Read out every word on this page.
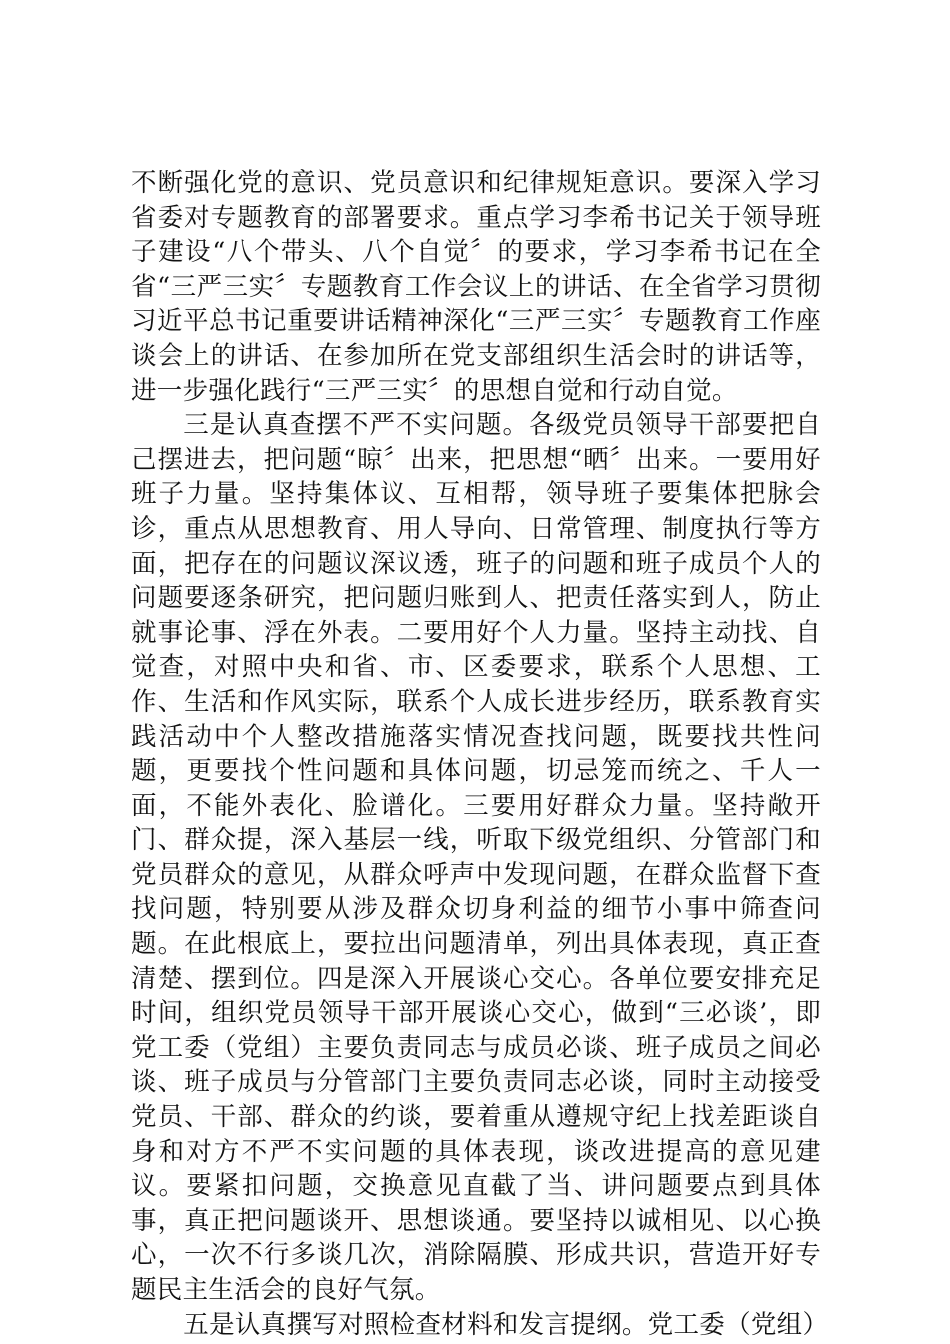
不断强化党的意识、党员意识和纪律规矩意识。要深入学习省委对专题教育的部署要求。重点学习李希书记关于领导班子建设“八个带头、八个自觉〞的要求，学习李希书记在全省“三严三实〞专题教育工作会议上的讲话、在全省学习贯彻习近平总书记重要讲话精神深化“三严三实〞专题教育工作座谈会上的讲话、在参加所在党支部组织生活会时的讲话等，进一步强化践行“三严三实〞的思想自觉和行动自觉。

三是认真查摆不严不实问题。各级党员领导干部要把自己摆进去，把问题“晾〞出来，把思想“晒〞出来。一要用好班子力量。坚持集体议、互相帮，领导班子要集体把脉会诊，重点从思想教育、用人导向、日常管理、制度执行等方面，把存在的问题议深议透，班子的问题和班子成员个人的问题要逐条研究，把问题归账到人、把责任落实到人，防止就事论事、浮在外表。二要用好个人力量。坚持主动找、自觉查，对照中央和省、市、区委要求，联系个人思想、工作、生活和作风实际，联系个人成长进步经历，联系教育实践活动中个人整改措施落实情况查找问题，既要找共性问题，更要找个性问题和具体问题，切忌笼而统之、千人一面，不能外表化、脸谱化。三要用好群众力量。坚持敞开门、群众提，深入基层一线，听取下级党组织、分管部门和党员群众的意见，从群众呼声中发现问题，在群众监督下查找问题，特别要从涉及群众切身利益的细节小事中筛查问题。在此根底上，要拉出问题清单，列出具体表现，真正查清楚、摆到位。四是深入开展谈心交心。各单位要安排充足时间，组织党员领导干部开展谈心交心，做到“三必谈’，即党工委（党组）主要负责同志与成员必谈、班子成员之间必谈、班子成员与分管部门主要负责同志必谈，同时主动接受党员、干部、群众的约谈，要着重从遵规守纪上找差距谈自身和对方不严不实问题的具体表现，谈改进提高的意见建议。要紧扣问题，交换意见直截了当、讲问题要点到具体事，真正把问题谈开、思想谈通。要坚持以诚相见、以心换心，一次不行多谈几次，消除隔膜、形成共识，营造开好专题民主生活会的良好气氛。

五是认真撰写对照检查材料和发言提纲。党工委（党组）
